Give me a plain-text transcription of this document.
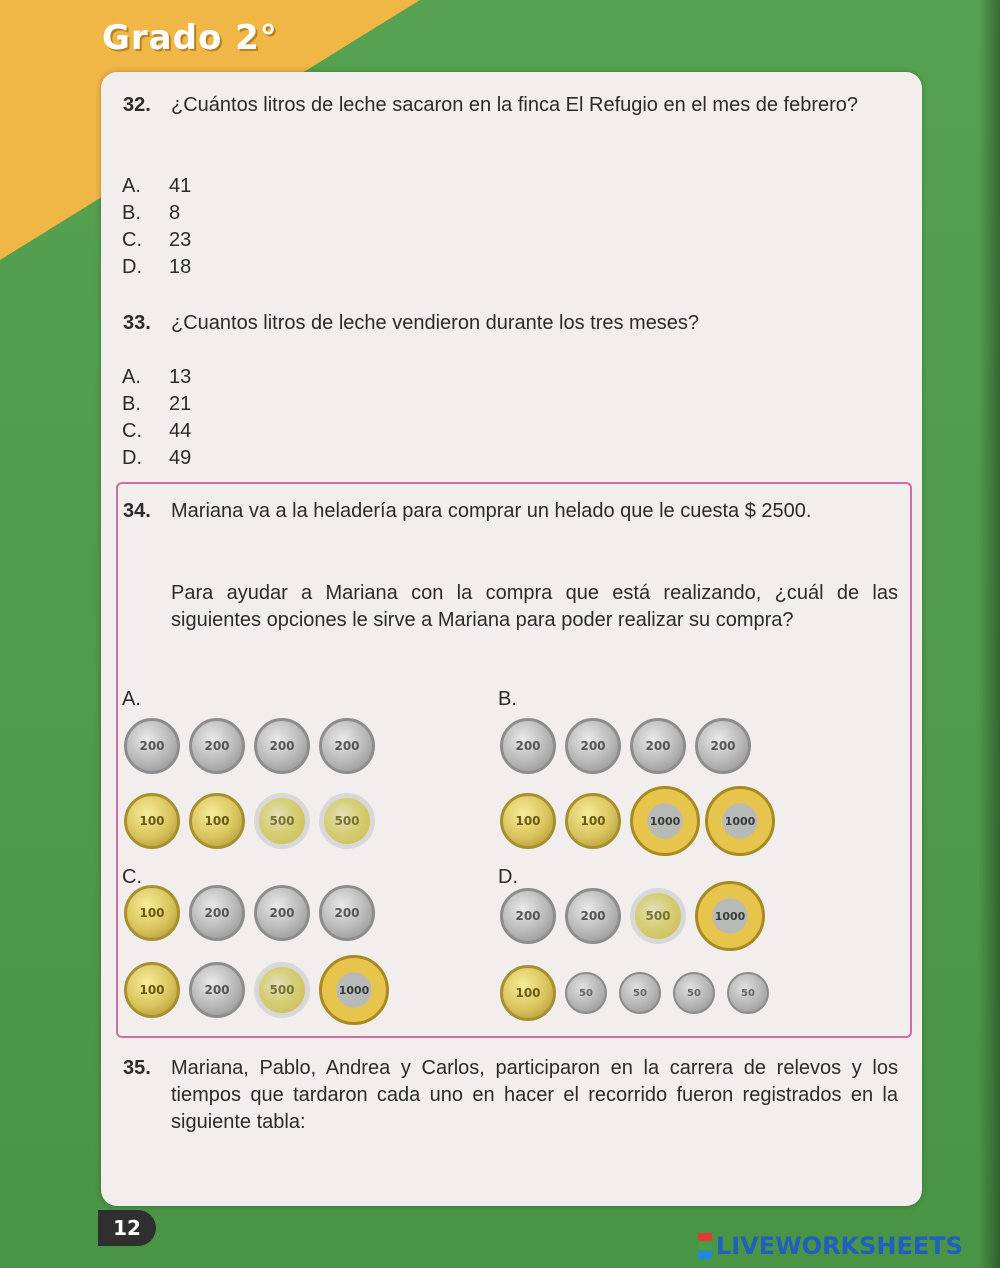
Grado 2°
32. ¿Cuántos litros de leche sacaron en la finca El Refugio en el mes de febrero?
A. 41
B. 8
C. 23
D. 18
33. ¿Cuantos litros de leche vendieron durante los tres meses?
A. 13
B. 21
C. 44
D. 49
34. Mariana va a la heladería para comprar un helado que le cuesta $ 2500.
Para ayudar a Mariana con la compra que está realizando, ¿cuál de las siguientes opciones le sirve a Mariana para poder realizar su compra?
A.	B.
C.	D.
200	200	200	200
100	100	500	500
200	200	200	200
100	100	1000	1000
100	200	200	200
100	200	500	1000
200	200	500	1000
100	50	50	50	50
35. Mariana, Pablo, Andrea y Carlos, participaron en la carrera de relevos y los tiempos que tardaron cada uno en hacer el recorrido fueron registrados en la siguiente tabla:
12
LIVEWORKSHEETS
